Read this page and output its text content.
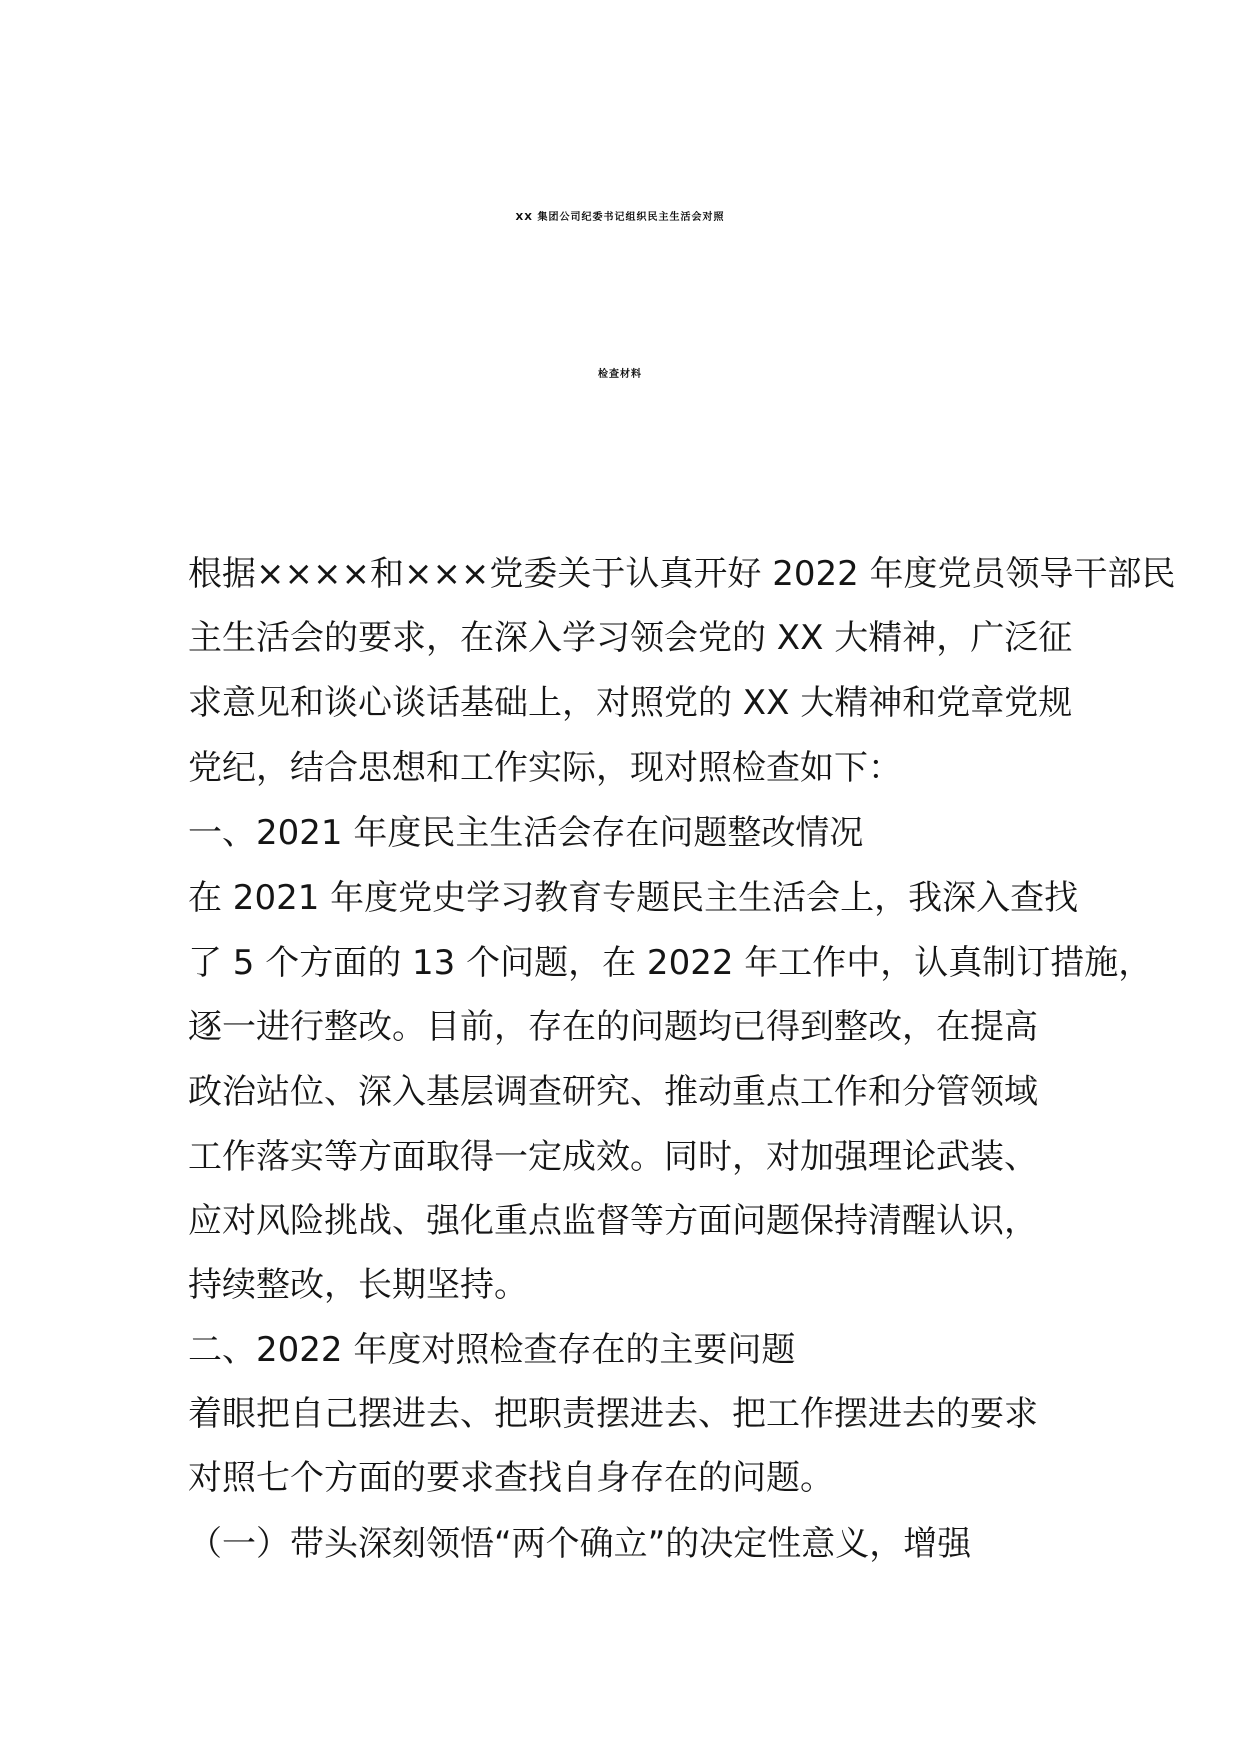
XX 集团公司纪委书记组织民主生活会对照
检查材料
根据××××和×××党委关于认真开好 2022 年度党员领导干部民
主生活会的要求，在深入学习领会党的 XX 大精神，广泛征
求意见和谈心谈话基础上，对照党的 XX 大精神和党章党规
党纪，结合思想和工作实际，现对照检查如下：
一、2021 年度民主生活会存在问题整改情况
在 2021 年度党史学习教育专题民主生活会上，我深入查找
了 5 个方面的 13 个问题，在 2022 年工作中，认真制订措施，
逐一进行整改。目前，存在的问题均已得到整改，在提高
政治站位、深入基层调查研究、推动重点工作和分管领域
工作落实等方面取得一定成效。同时，对加强理论武装、
应对风险挑战、强化重点监督等方面问题保持清醒认识，
持续整改，长期坚持。
二、2022 年度对照检查存在的主要问题
着眼把自己摆进去、把职责摆进去、把工作摆进去的要求
对照七个方面的要求查找自身存在的问题。
（一）带头深刻领悟“两个确立”的决定性意义，增强
